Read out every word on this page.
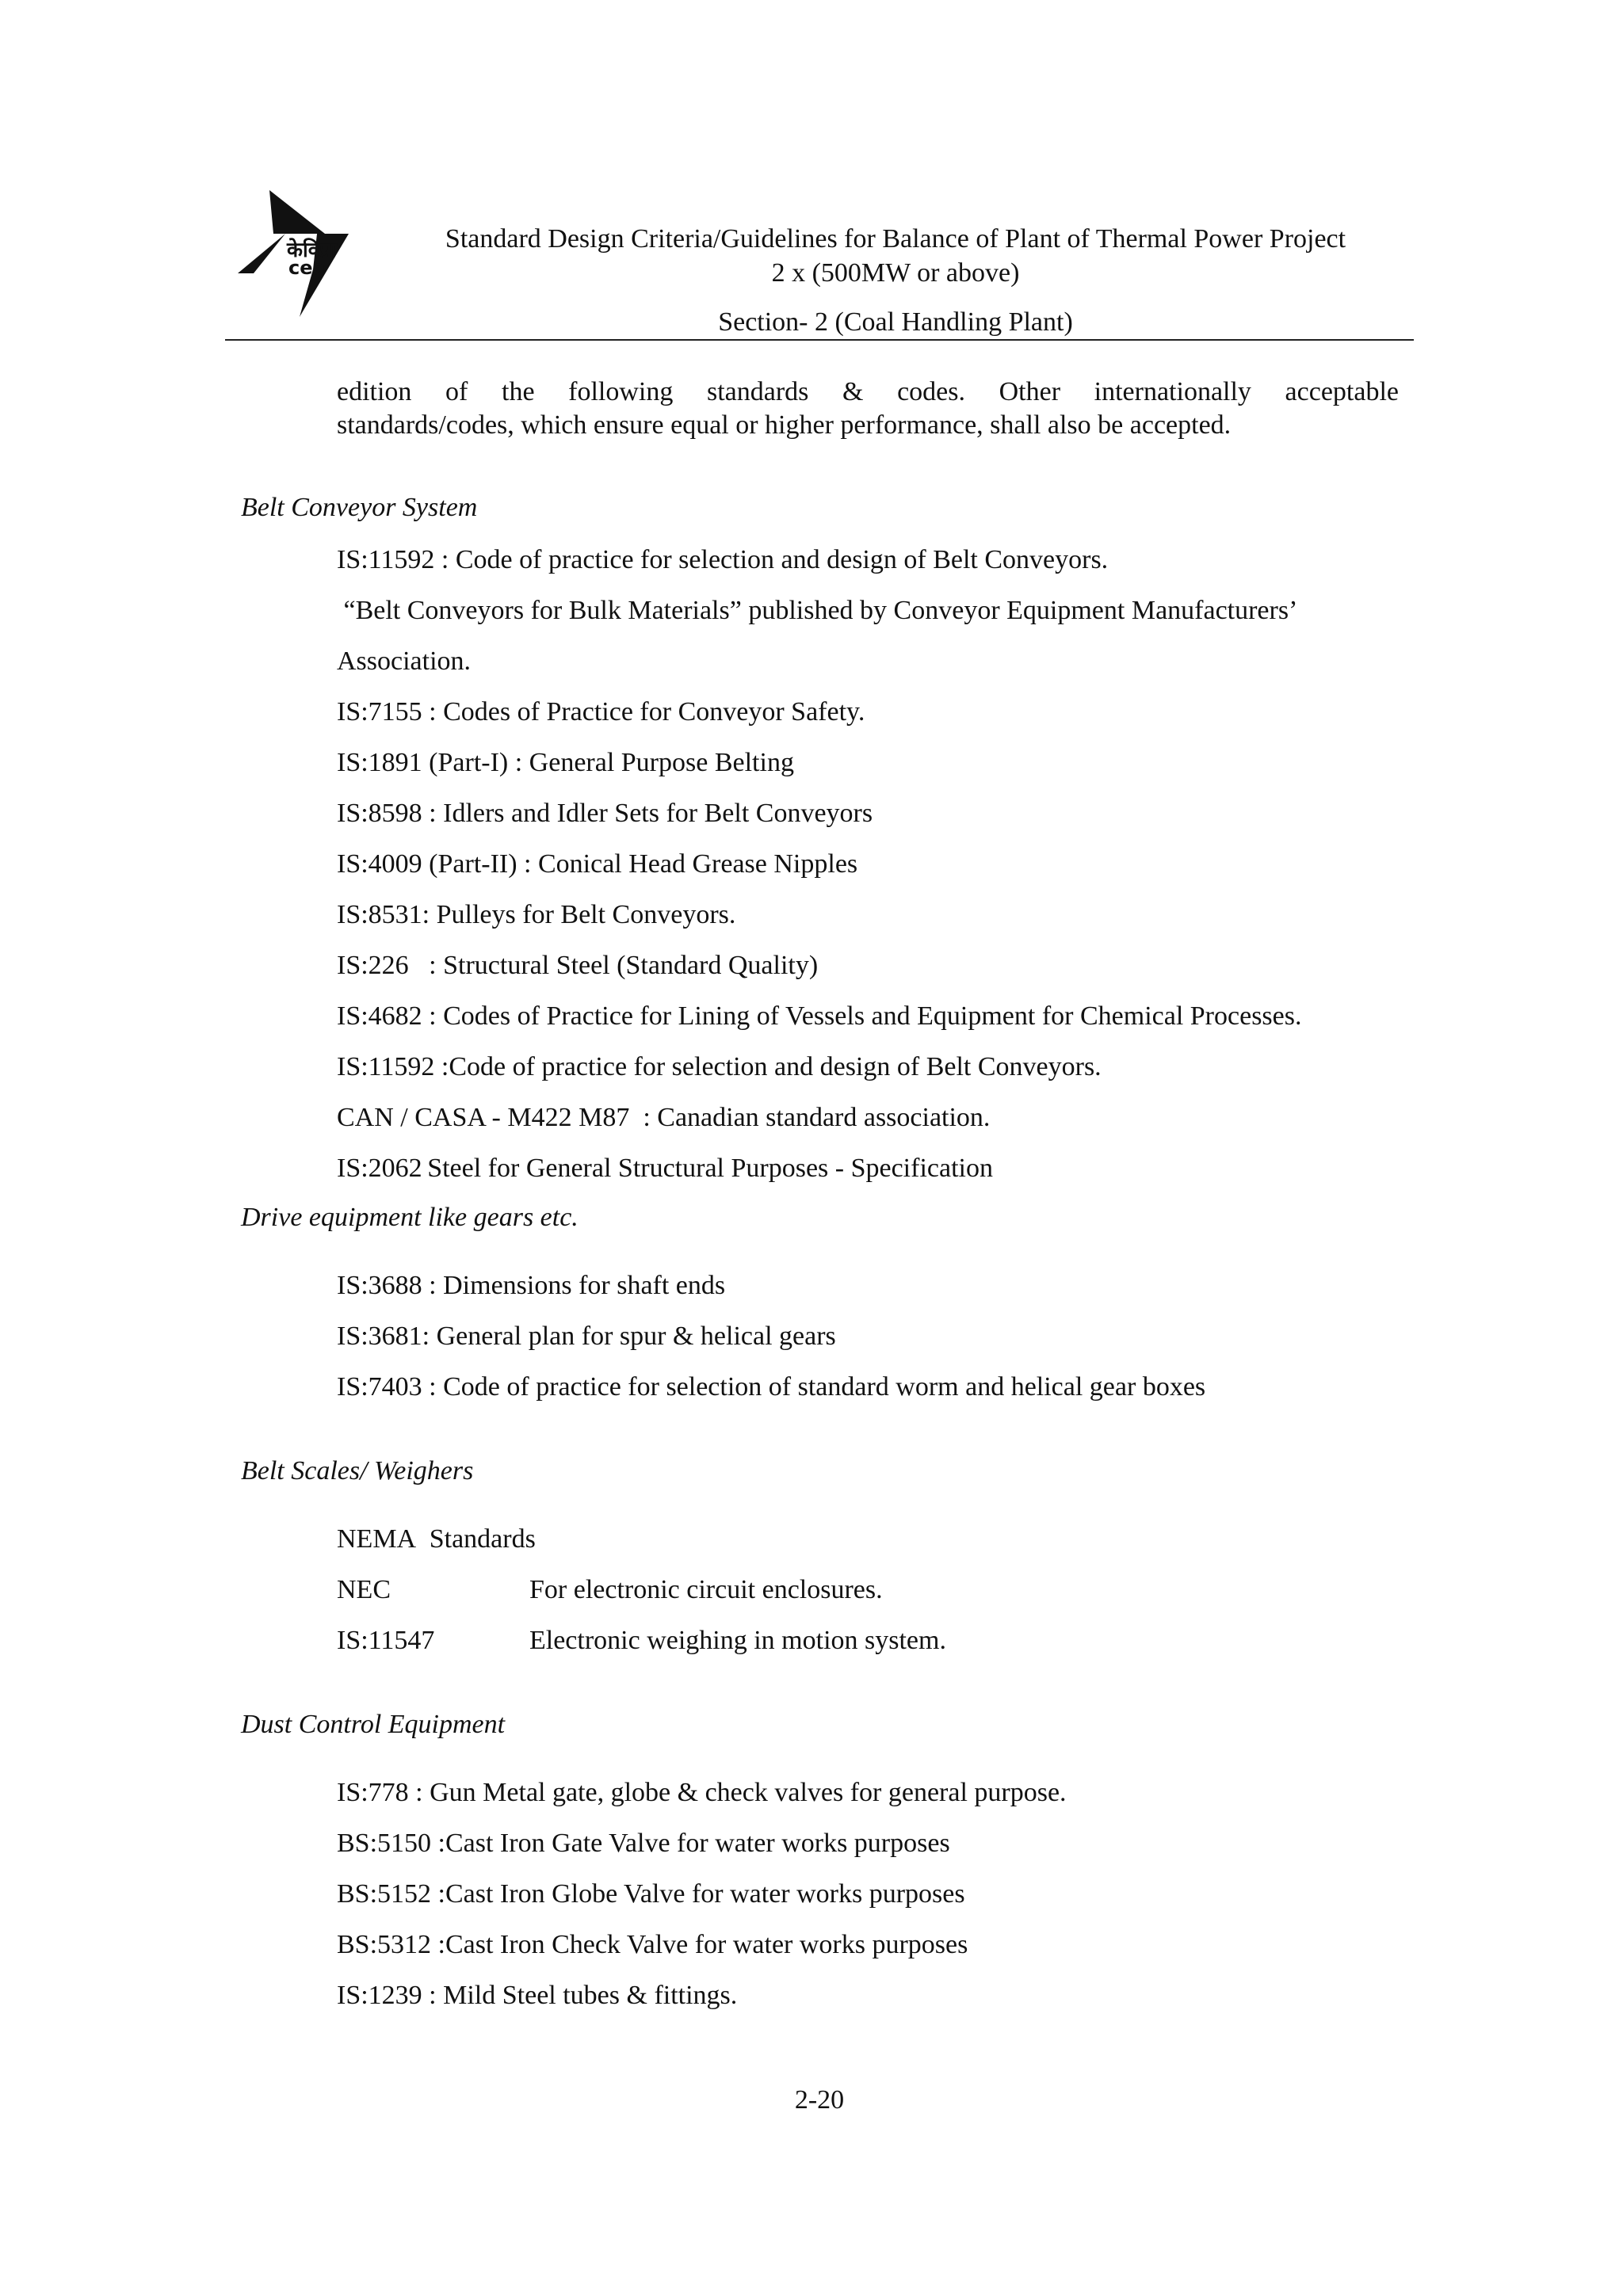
केविप्रा
cea
Standard Design Criteria/Guidelines for Balance of Plant of Thermal Power Project
2 x (500MW or above)
Section- 2 (Coal Handling Plant)
edition of the following standards & codes. Other internationally acceptable
standards/codes, which ensure equal or higher performance, shall also be accepted.
Belt Conveyor System
IS:11592 : Code of practice for selection and design of Belt Conveyors.
“Belt Conveyors for Bulk Materials” published by Conveyor Equipment Manufacturers’
Association.
IS:7155 : Codes of Practice for Conveyor Safety.
IS:1891 (Part-I) : General Purpose Belting
IS:8598 : Idlers and Idler Sets for Belt Conveyors
IS:4009 (Part-II) : Conical Head Grease Nipples
IS:8531: Pulleys for Belt Conveyors.
IS:226   : Structural Steel (Standard Quality)
IS:4682 : Codes of Practice for Lining of Vessels and Equipment for Chemical Processes.
IS:11592 :Code of practice for selection and design of Belt Conveyors.
CAN / CASA - M422 M87  : Canadian standard association.
IS:2062 Steel for General Structural Purposes - Specification
Drive equipment like gears etc.
IS:3688 : Dimensions for shaft ends
IS:3681: General plan for spur & helical gears
IS:7403 : Code of practice for selection of standard worm and helical gear boxes
Belt Scales/ Weighers
NEMA Standards
NEC	For electronic circuit enclosures.
IS:11547	Electronic weighing in motion system.
Dust Control Equipment
IS:778 : Gun Metal gate, globe & check valves for general purpose.
BS:5150 :Cast Iron Gate Valve for water works purposes
BS:5152 :Cast Iron Globe Valve for water works purposes
BS:5312 :Cast Iron Check Valve for water works purposes
IS:1239 : Mild Steel tubes & fittings.
2-20
